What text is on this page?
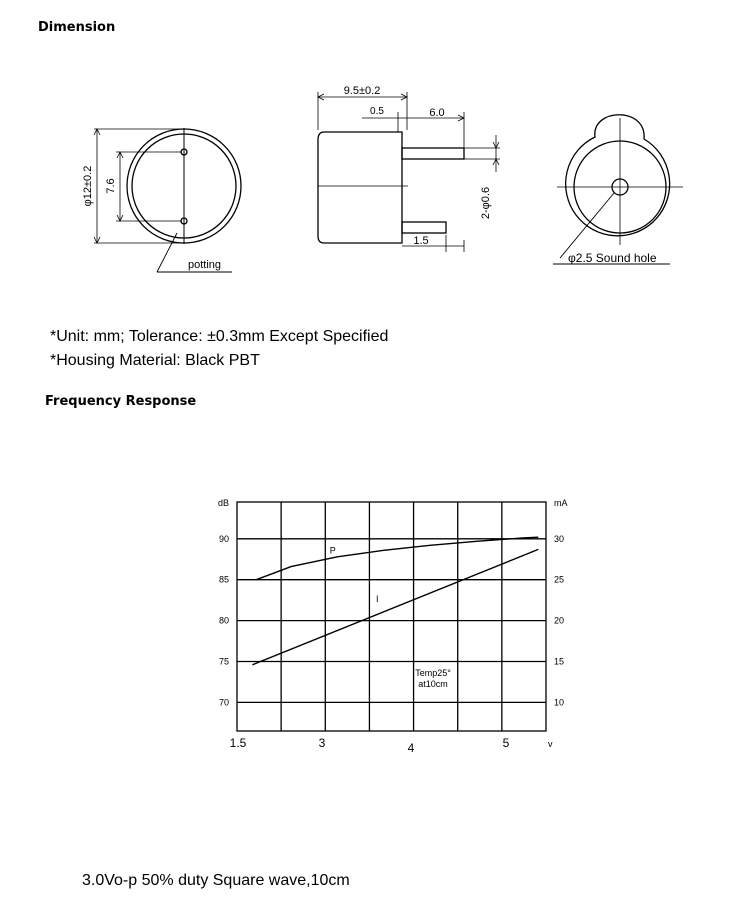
Dimension
Frequency Response
φ12±0.2 7.6
potting
9.5±0.2
0.5	6.0
2-φ0.6
1.5
φ2.5 Sound hole
*Unit: mm; Tolerance: ±0.3mm Except Specified
*Housing Material: Black PBT
90
85
80
75
70
30
25
20
15
10
dB	mA
1.5	3	4	5	v
P
I
Temp25°
at10cm
3.0Vo-p 50% duty Square wave,10cm
